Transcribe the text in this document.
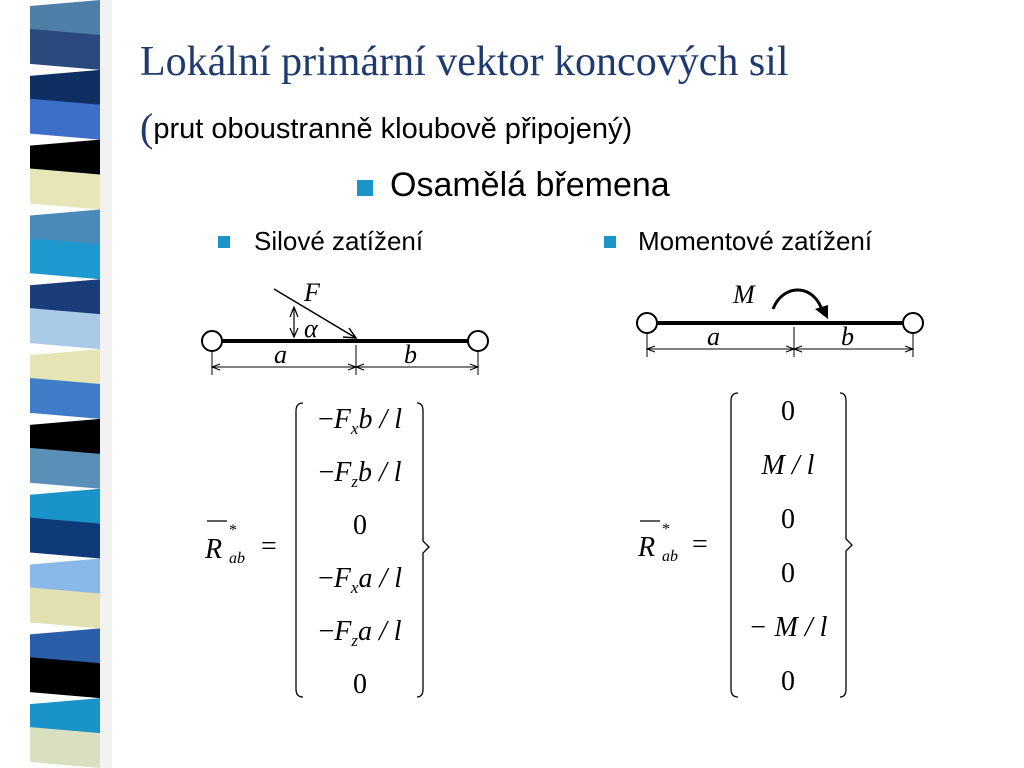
Lokální primární vektor koncových sil
(prut oboustranně kloubově připojený)
Osamělá břemena
Silové zatížení	Momentové zatížení
F
α
a	b
M
a	b
R
*
ab =
$-F_xb / l$
$-F_zb / l$
0
$-F_xa / l$
$-F_za / l$
0
R
*
ab =
0
M / l
0
0
− M / l
0
